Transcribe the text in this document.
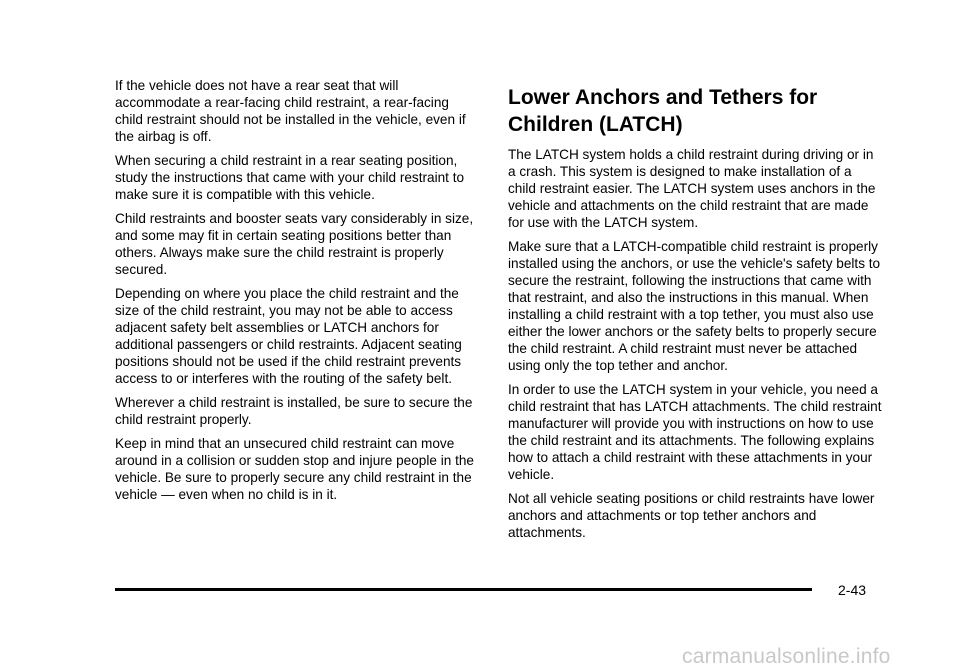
If the vehicle does not have a rear seat that will accommodate a rear-facing child restraint, a rear-facing child restraint should not be installed in the vehicle, even if the airbag is off.

When securing a child restraint in a rear seating position, study the instructions that came with your child restraint to make sure it is compatible with this vehicle.

Child restraints and booster seats vary considerably in size, and some may fit in certain seating positions better than others. Always make sure the child restraint is properly secured.

Depending on where you place the child restraint and the size of the child restraint, you may not be able to access adjacent safety belt assemblies or LATCH anchors for additional passengers or child restraints. Adjacent seating positions should not be used if the child restraint prevents access to or interferes with the routing of the safety belt.

Wherever a child restraint is installed, be sure to secure the child restraint properly.

Keep in mind that an unsecured child restraint can move around in a collision or sudden stop and injure people in the vehicle. Be sure to properly secure any child restraint in the vehicle — even when no child is in it.

Lower Anchors and Tethers for Children (LATCH)

The LATCH system holds a child restraint during driving or in a crash. This system is designed to make installation of a child restraint easier. The LATCH system uses anchors in the vehicle and attachments on the child restraint that are made for use with the LATCH system.

Make sure that a LATCH-compatible child restraint is properly installed using the anchors, or use the vehicle's safety belts to secure the restraint, following the instructions that came with that restraint, and also the instructions in this manual. When installing a child restraint with a top tether, you must also use either the lower anchors or the safety belts to properly secure the child restraint. A child restraint must never be attached using only the top tether and anchor.

In order to use the LATCH system in your vehicle, you need a child restraint that has LATCH attachments. The child restraint manufacturer will provide you with instructions on how to use the child restraint and its attachments. The following explains how to attach a child restraint with these attachments in your vehicle.

Not all vehicle seating positions or child restraints have lower anchors and attachments or top tether anchors and attachments.

2-43
carmanualsonline.info
